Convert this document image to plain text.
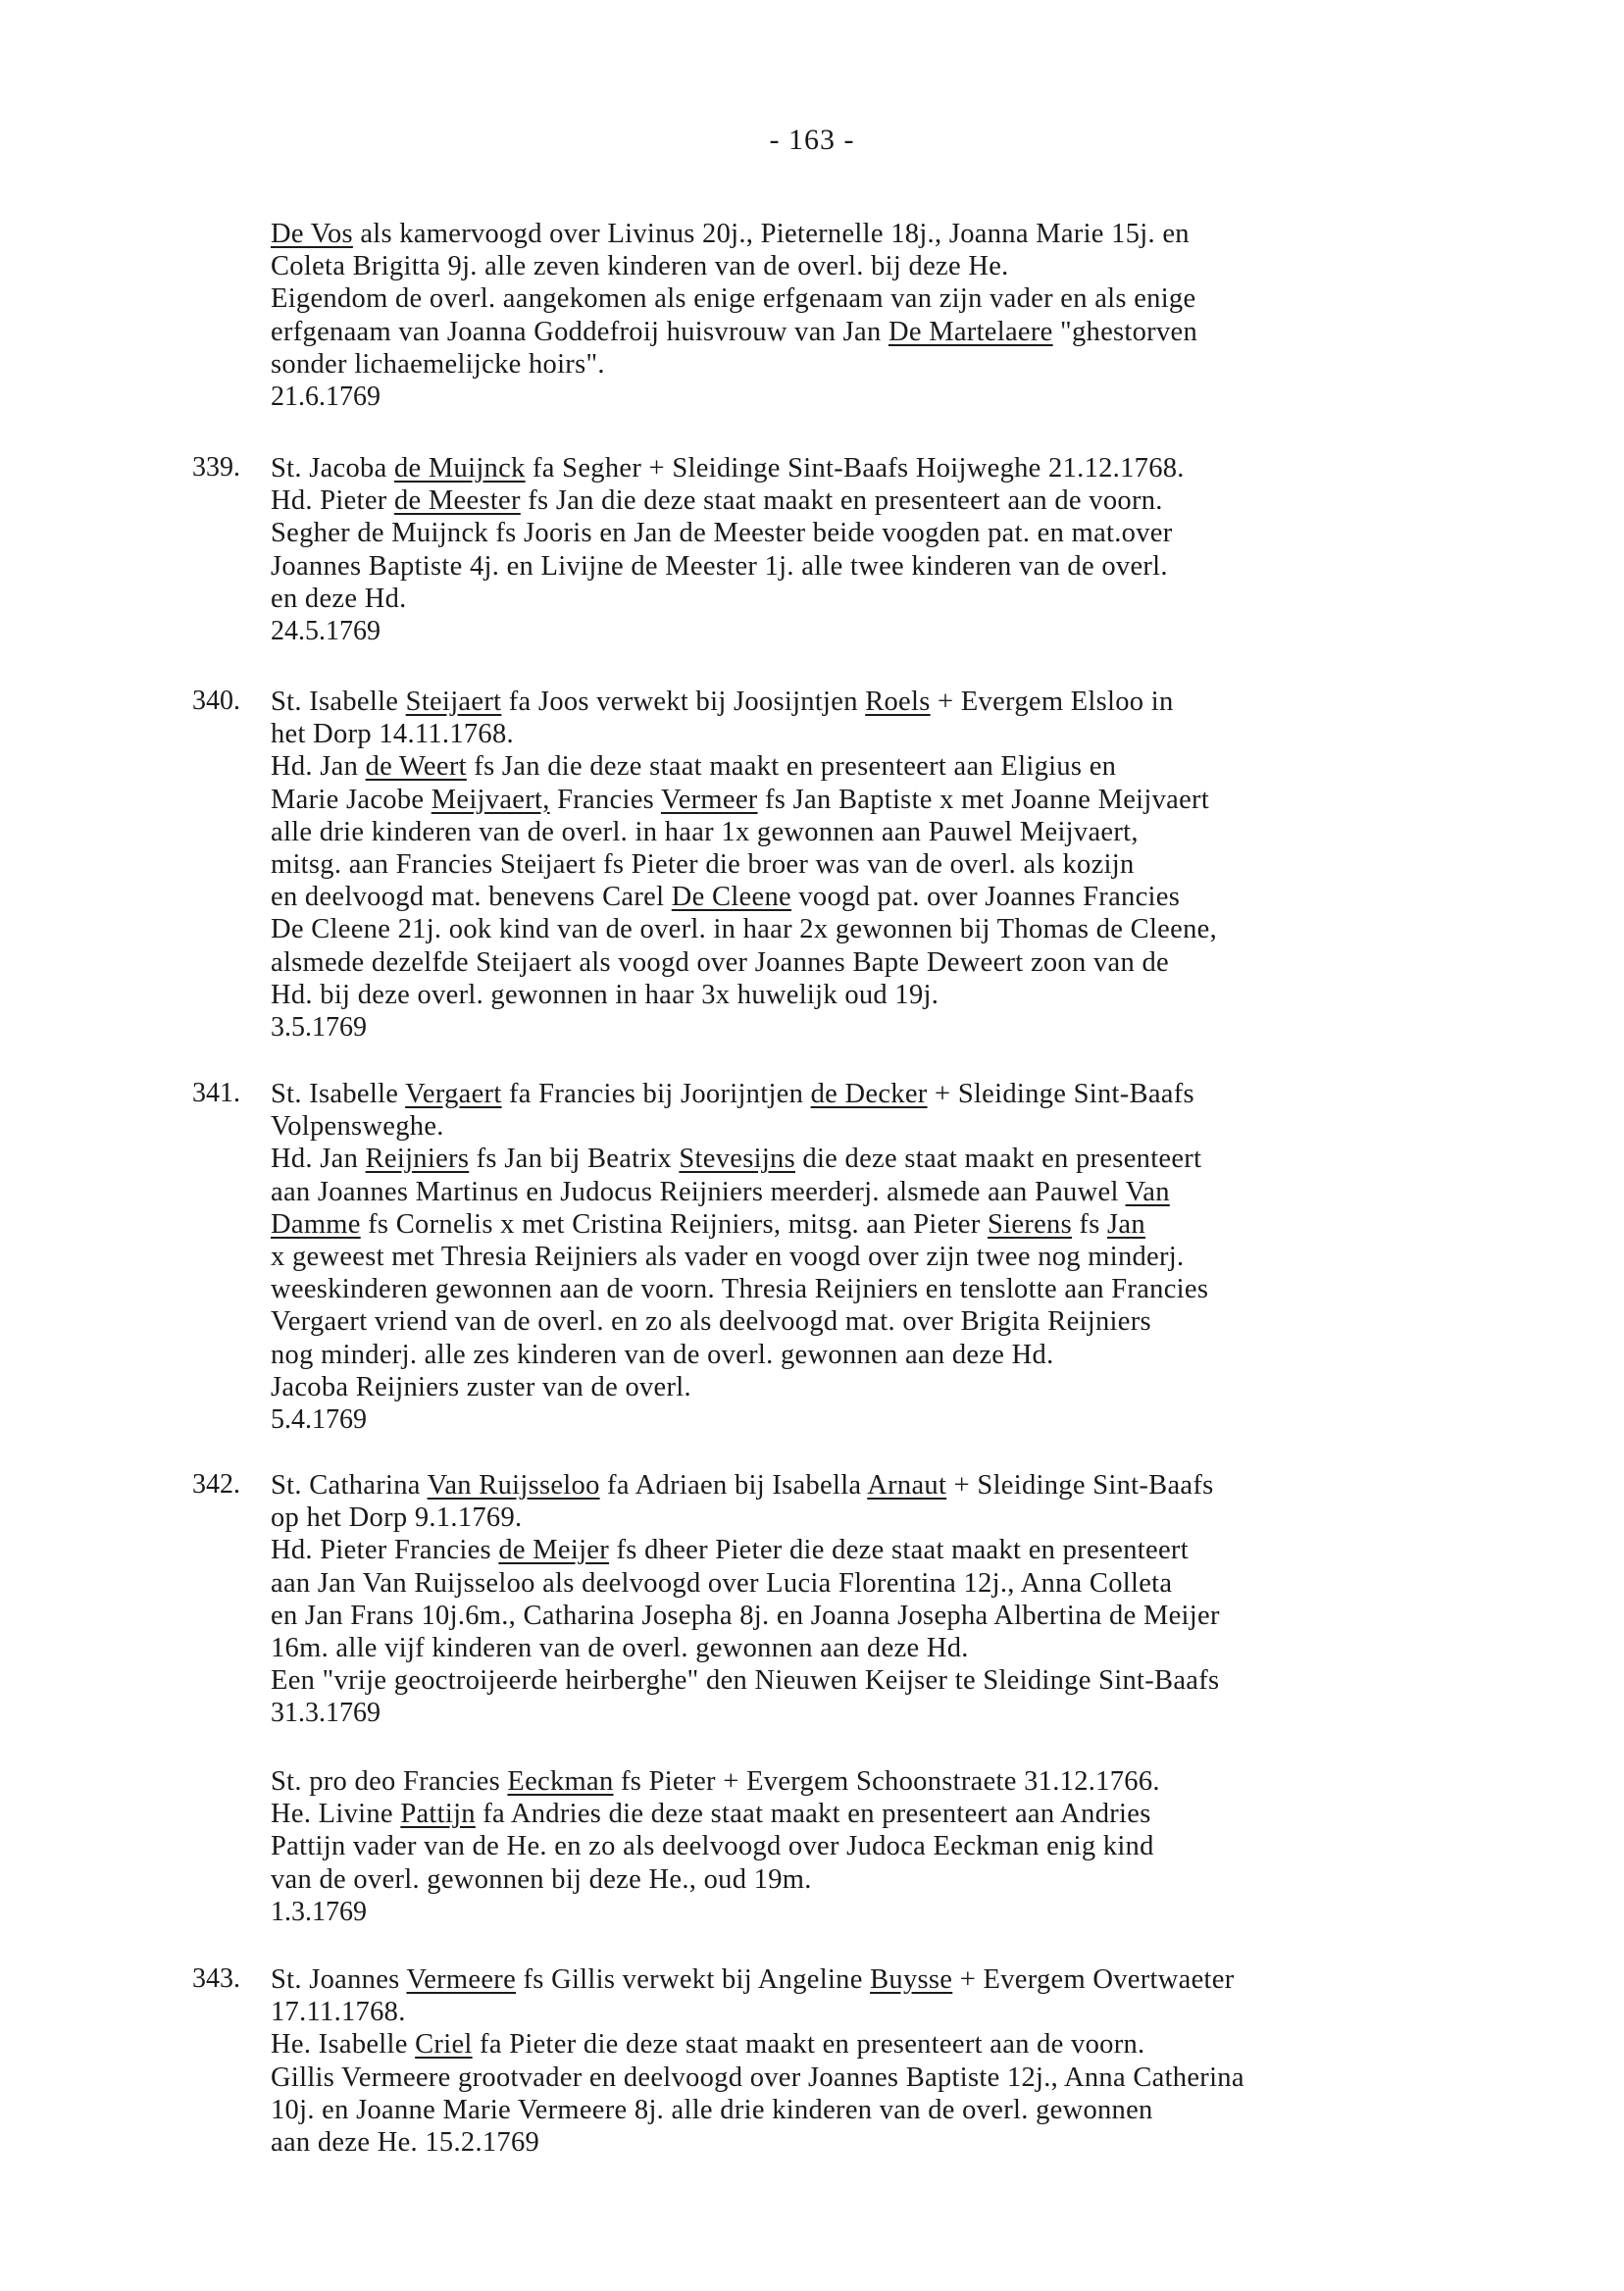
- 163 -
De Vos als kamervoogd over Livinus 20j., Pieternelle 18j., Joanna Marie 15j. en
Coleta Brigitta 9j. alle zeven kinderen van de overl. bij deze He.
Eigendom de overl. aangekomen als enige erfgenaam van zijn vader en als enige
erfgenaam van Joanna Goddefroij huisvrouw van Jan De Martelaere "ghestorven
sonder lichaemelijcke hoirs".
21.6.1769
339. St. Jacoba de Muijnck fa Segher + Sleidinge Sint-Baafs Hoijweghe 21.12.1768.
Hd. Pieter de Meester fs Jan die deze staat maakt en presenteert aan de voorn.
Segher de Muijnck fs Jooris en Jan de Meester beide voogden pat. en mat.over
Joannes Baptiste 4j. en Livijne de Meester 1j. alle twee kinderen van de overl.
en deze Hd.
24.5.1769
340. St. Isabelle Steijaert fa Joos verwekt bij Joosijntjen Roels + Evergem Elsloo in
het Dorp 14.11.1768.
Hd. Jan de Weert fs Jan die deze staat maakt en presenteert aan Eligius en
Marie Jacobe Meijvaert, Francies Vermeer fs Jan Baptiste x met Joanne Meijvaert
alle drie kinderen van de overl. in haar 1x gewonnen aan Pauwel Meijvaert,
mitsg. aan Francies Steijaert fs Pieter die broer was van de overl. als kozijn
en deelvoogd mat. benevens Carel De Cleene voogd pat. over Joannes Francies
De Cleene 21j. ook kind van de overl. in haar 2x gewonnen bij Thomas de Cleene,
alsmede dezelfde Steijaert als voogd over Joannes Bapte Deweert zoon van de
Hd. bij deze overl. gewonnen in haar 3x huwelijk oud 19j.
3.5.1769
341. St. Isabelle Vergaert fa Francies bij Joorijntjen de Decker + Sleidinge Sint-Baafs
Volpensweghe.
Hd. Jan Reijniers fs Jan bij Beatrix Stevesijns die deze staat maakt en presenteert
aan Joannes Martinus en Judocus Reijniers meerderj. alsmede aan Pauwel Van
Damme fs Cornelis x met Cristina Reijniers, mitsg. aan Pieter Sierens fs Jan
x geweest met Thresia Reijniers als vader en voogd over zijn twee nog minderj.
weeskinderen gewonnen aan de voorn. Thresia Reijniers en tenslotte aan Francies
Vergaert vriend van de overl. en zo als deelvoogd mat. over Brigita Reijniers
nog minderj. alle zes kinderen van de overl. gewonnen aan deze Hd.
Jacoba Reijniers zuster van de overl.
5.4.1769
342. St. Catharina Van Ruijsseloo fa Adriaen bij Isabella Arnaut + Sleidinge Sint-Baafs
op het Dorp 9.1.1769.
Hd. Pieter Francies de Meijer fs dheer Pieter die deze staat maakt en presenteert
aan Jan Van Ruijsseloo als deelvoogd over Lucia Florentina 12j., Anna Colleta
en Jan Frans 10j.6m., Catharina Josepha 8j. en Joanna Josepha Albertina de Meijer
16m. alle vijf kinderen van de overl. gewonnen aan deze Hd.
Een "vrije geoctroijeerde heirberghe" den Nieuwen Keijser te Sleidinge Sint-Baafs
31.3.1769
St. pro deo Francies Eeckman fs Pieter + Evergem Schoonstraete 31.12.1766.
He. Livine Pattijn fa Andries die deze staat maakt en presenteert aan Andries
Pattijn vader van de He. en zo als deelvoogd over Judoca Eeckman enig kind
van de overl. gewonnen bij deze He., oud 19m.
1.3.1769
343. St. Joannes Vermeere fs Gillis verwekt bij Angeline Buysse + Evergem Overtwaeter
17.11.1768.
He. Isabelle Criel fa Pieter die deze staat maakt en presenteert aan de voorn.
Gillis Vermeere grootvader en deelvoogd over Joannes Baptiste 12j., Anna Catherina
10j. en Joanne Marie Vermeere 8j. alle drie kinderen van de overl. gewonnen
aan deze He. 15.2.1769
